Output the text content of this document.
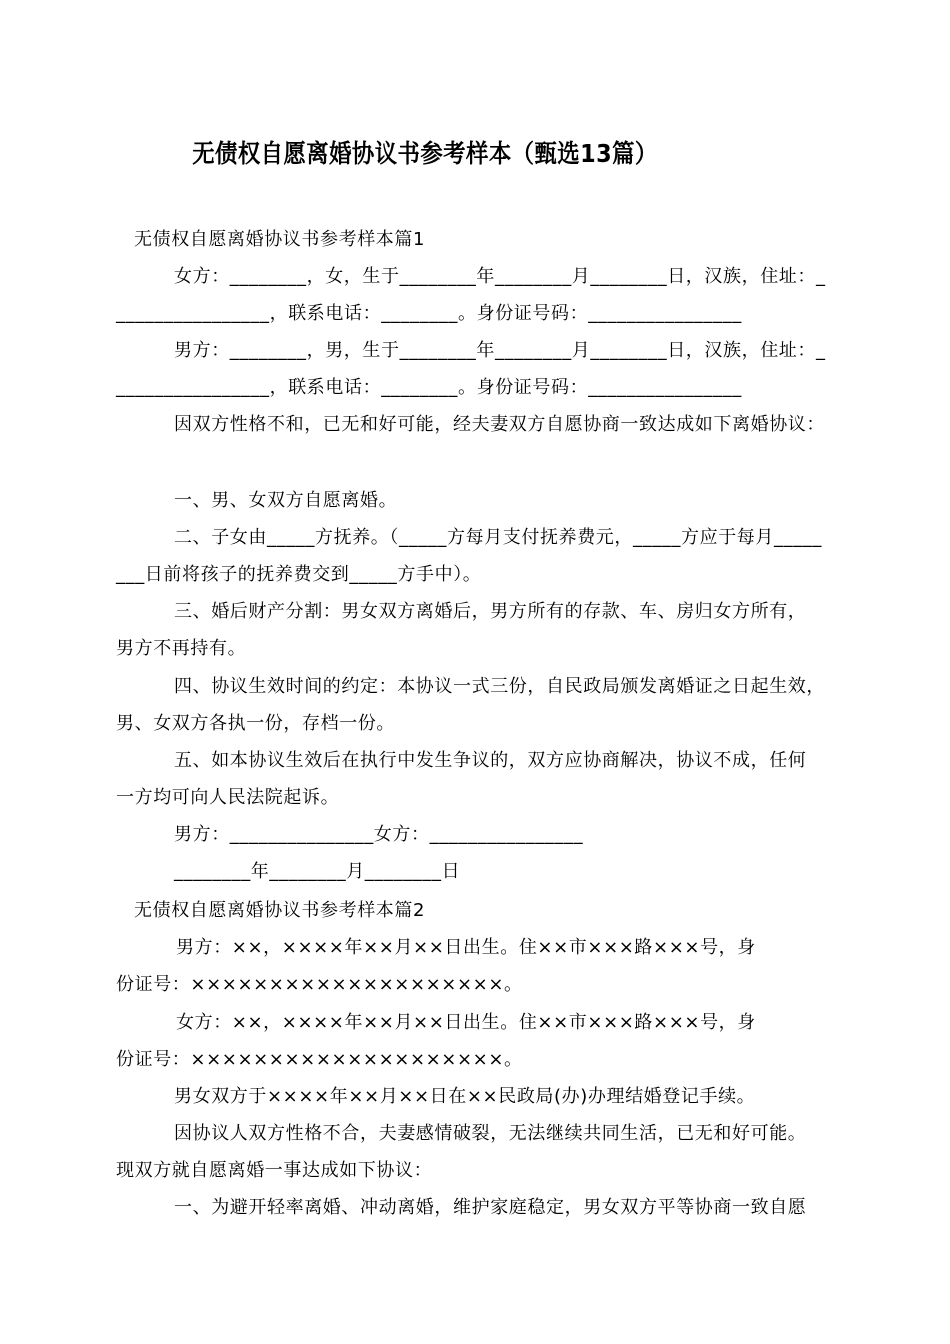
无债权自愿离婚协议书参考样本（甄选13篇）
无债权自愿离婚协议书参考样本篇1
女方：________，女，生于________年________月________日，汉族，住址：_
________________，联系电话：________。身份证号码：________________
男方：________，男，生于________年________月________日，汉族，住址：_
________________，联系电话：________。身份证号码：________________
因双方性格不和，已无和好可能，经夫妻双方自愿协商一致达成如下离婚协议：
一、男、女双方自愿离婚。
二、子女由_____方抚养。（_____方每月支付抚养费元，_____方应于每月_____
___日前将孩子的抚养费交到_____方手中）。
三、婚后财产分割：男女双方离婚后，男方所有的存款、车、房归女方所有，
男方不再持有。
四、协议生效时间的约定：本协议一式三份，自民政局颁发离婚证之日起生效，
男、女双方各执一份，存档一份。
五、如本协议生效后在执行中发生争议的，双方应协商解决，协议不成，任何
一方均可向人民法院起诉。
男方：_______________女方：________________
________年________月________日
无债权自愿离婚协议书参考样本篇2
男方：××，××××年××月××日出生。住××市×××路×××号，身
份证号：××××××××××××××××××××。
女方：××，××××年××月××日出生。住××市×××路×××号，身
份证号：××××××××××××××××××××。
男女双方于××××年××月××日在××民政局(办)办理结婚登记手续。
因协议人双方性格不合，夫妻感情破裂，无法继续共同生活，已无和好可能。
现双方就自愿离婚一事达成如下协议：
一、为避开轻率离婚、冲动离婚，维护家庭稳定，男女双方平等协商一致自愿
